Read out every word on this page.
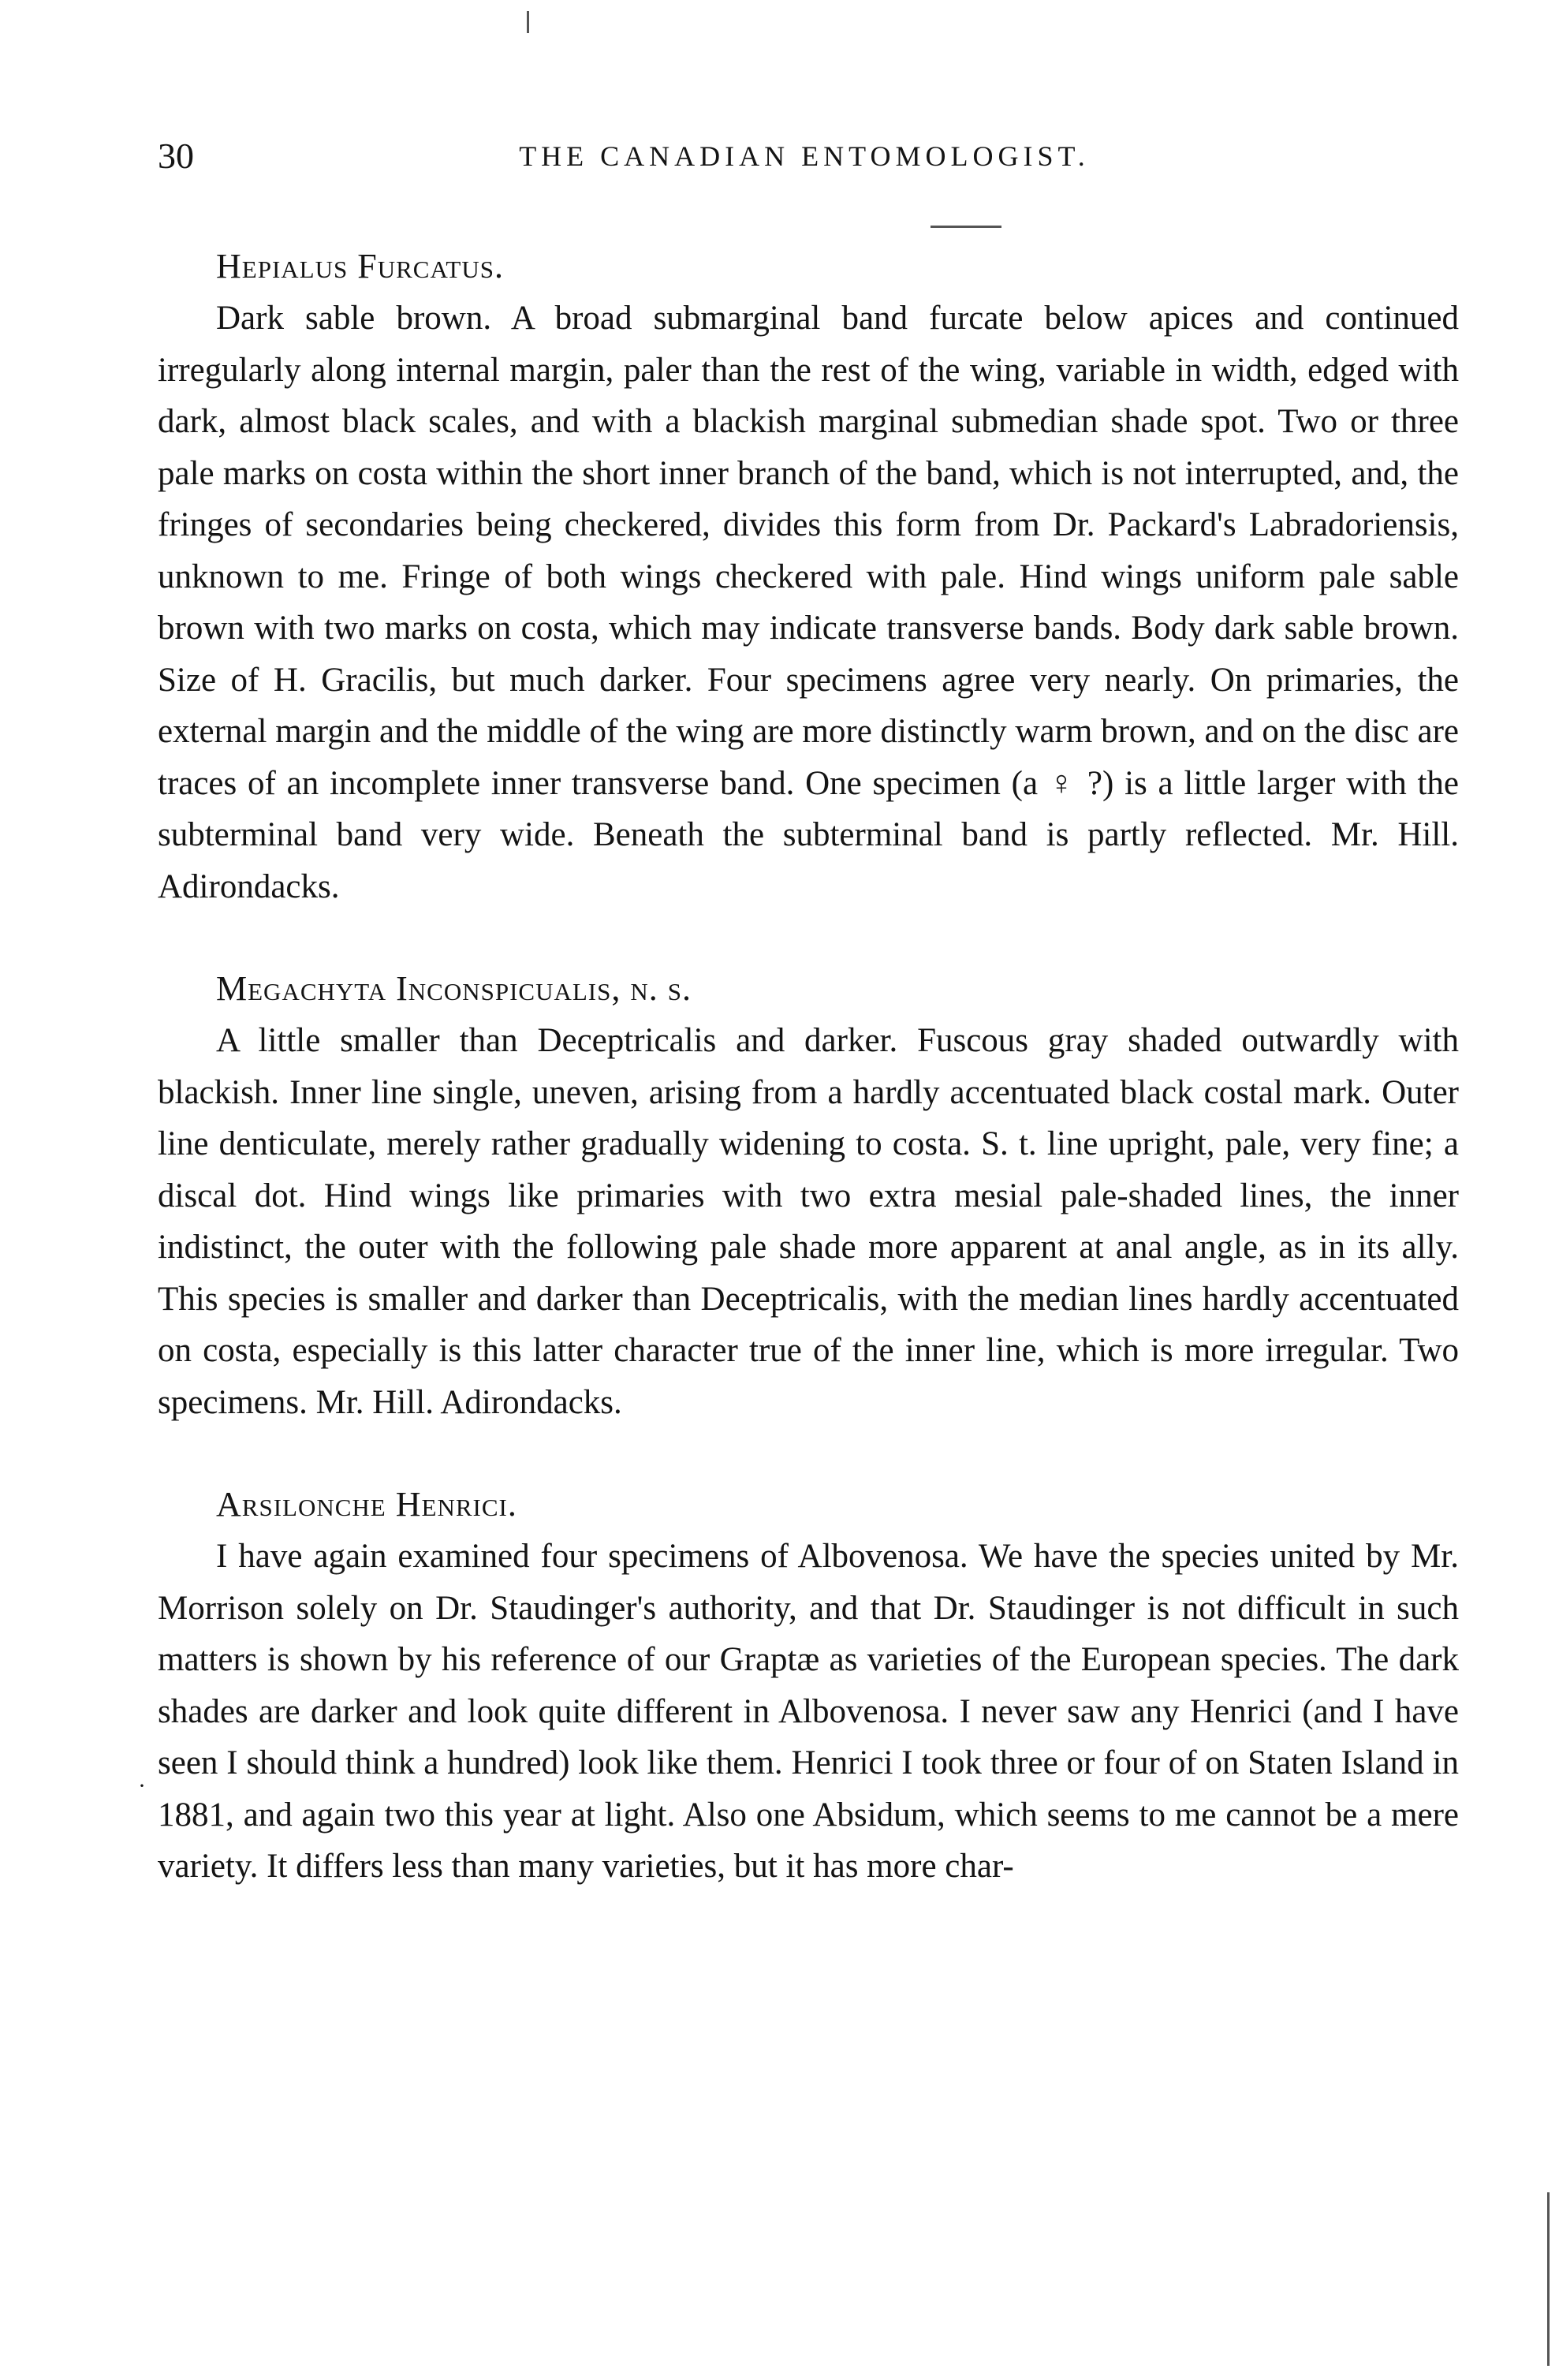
30	THE CANADIAN ENTOMOLOGIST.
Hepialus Furcatus.

Dark sable brown. A broad submarginal band furcate below apices and continued irregularly along internal margin, paler than the rest of the wing, variable in width, edged with dark, almost black scales, and with a blackish marginal submedian shade spot. Two or three pale marks on costa within the short inner branch of the band, which is not interrupted, and, the fringes of secondaries being checkered, divides this form from Dr. Packard's Labradoriensis, unknown to me. Fringe of both wings checkered with pale. Hind wings uniform pale sable brown with two marks on costa, which may indicate transverse bands. Body dark sable brown. Size of H. Gracilis, but much darker. Four specimens agree very nearly. On primaries, the external margin and the middle of the wing are more distinctly warm brown, and on the disc are traces of an incomplete inner transverse band. One specimen (a ♀ ?) is a little larger with the subterminal band very wide. Beneath the subterminal band is partly reflected. Mr. Hill. Adirondacks.

Megachyta Inconspicualis, n. s.

A little smaller than Deceptricalis and darker. Fuscous gray shaded outwardly with blackish. Inner line single, uneven, arising from a hardly accentuated black costal mark. Outer line denticulate, merely rather gradually widening to costa. S. t. line upright, pale, very fine; a discal dot. Hind wings like primaries with two extra mesial pale-shaded lines, the inner indistinct, the outer with the following pale shade more apparent at anal angle, as in its ally. This species is smaller and darker than Deceptricalis, with the median lines hardly accentuated on costa, especially is this latter character true of the inner line, which is more irregular. Two specimens. Mr. Hill. Adirondacks.

Arsilonche Henrici.

I have again examined four specimens of Albovenosa. We have the species united by Mr. Morrison solely on Dr. Staudinger's authority, and that Dr. Staudinger is not difficult in such matters is shown by his reference of our Graptæ as varieties of the European species. The dark shades are darker and look quite different in Albovenosa. I never saw any Henrici (and I have seen I should think a hundred) look like them. Henrici I took three or four of on Staten Island in 1881, and again two this year at light. Also one Absidum, which seems to me cannot be a mere variety. It differs less than many varieties, but it has more char-

·
